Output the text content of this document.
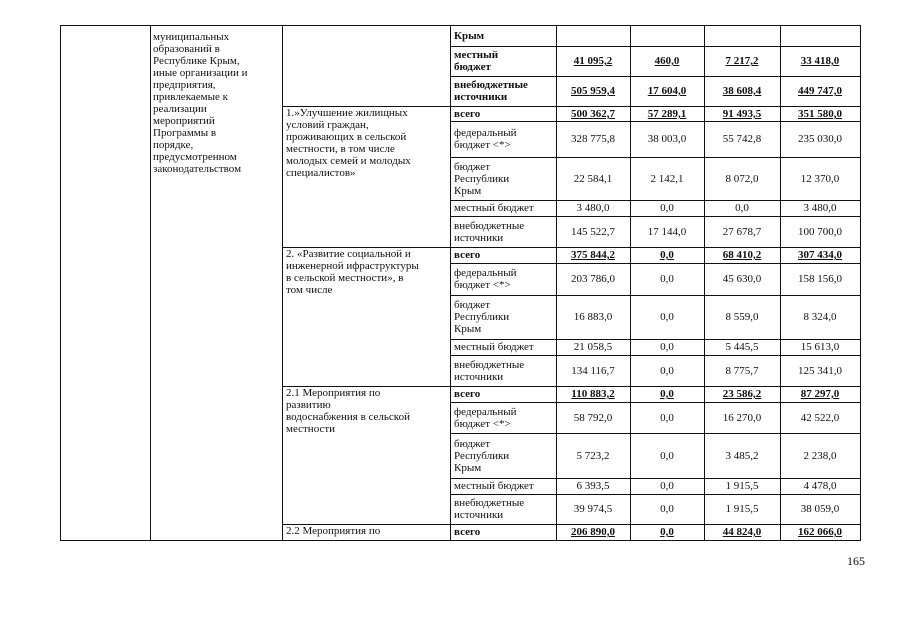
муниципальных
образований в
Республике Крым,
иные организации и
предприятия,
привлекаемые к
реализации
мероприятий
Программы в
порядке,
предусмотренном
законодательством
Крым
местный
бюджет	41 095,2	460,0	7 217,2	33 418,0
внебюджетные
источники	505 959,4	17 604,0	38 608,4	449 747,0
1.»Улучшение жилищных
условий граждан,
проживающих в сельской
местности, в том числе
молодых семей и молодых
специалистов»
всего	500 362,7	57 289,1	91 493,5	351 580,0
федеральный
бюджет <*>	328 775,8	38 003,0	55 742,8	235 030,0
бюджет
Республики
Крым
22 584,1	2 142,1	8 072,0	12 370,0
местный бюджет	3 480,0	0,0	0,0	3 480,0
внебюджетные
источники	145 522,7	17 144,0	27 678,7	100 700,0
2. «Развитие социальной и
инженерной ифраструктуры
в сельской местности», в
том числе
всего	375 844,2	0,0	68 410,2	307 434,0
федеральный
бюджет <*>	203 786,0	0,0	45 630,0	158 156,0
бюджет
Республики
Крым
16 883,0	0,0	8 559,0	8 324,0
местный бюджет	21 058,5	0,0	5 445,5	15 613,0
внебюджетные
источники	134 116,7	0,0	8 775,7	125 341,0
2.1 Мероприятия по
развитию
водоснабжения в сельской
местности
всего	110 883,2	0,0	23 586,2	87 297,0
федеральный
бюджет <*>	58 792,0	0,0	16 270,0	42 522,0
бюджет
Республики
Крым
5 723,2	0,0	3 485,2	2 238,0
местный бюджет	6 393,5	0,0	1 915,5	4 478,0
внебюджетные
источники	39 974,5	0,0	1 915,5	38 059,0
2.2 Мероприятия по	всего	206 890,0	0,0	44 824,0	162 066,0
165
